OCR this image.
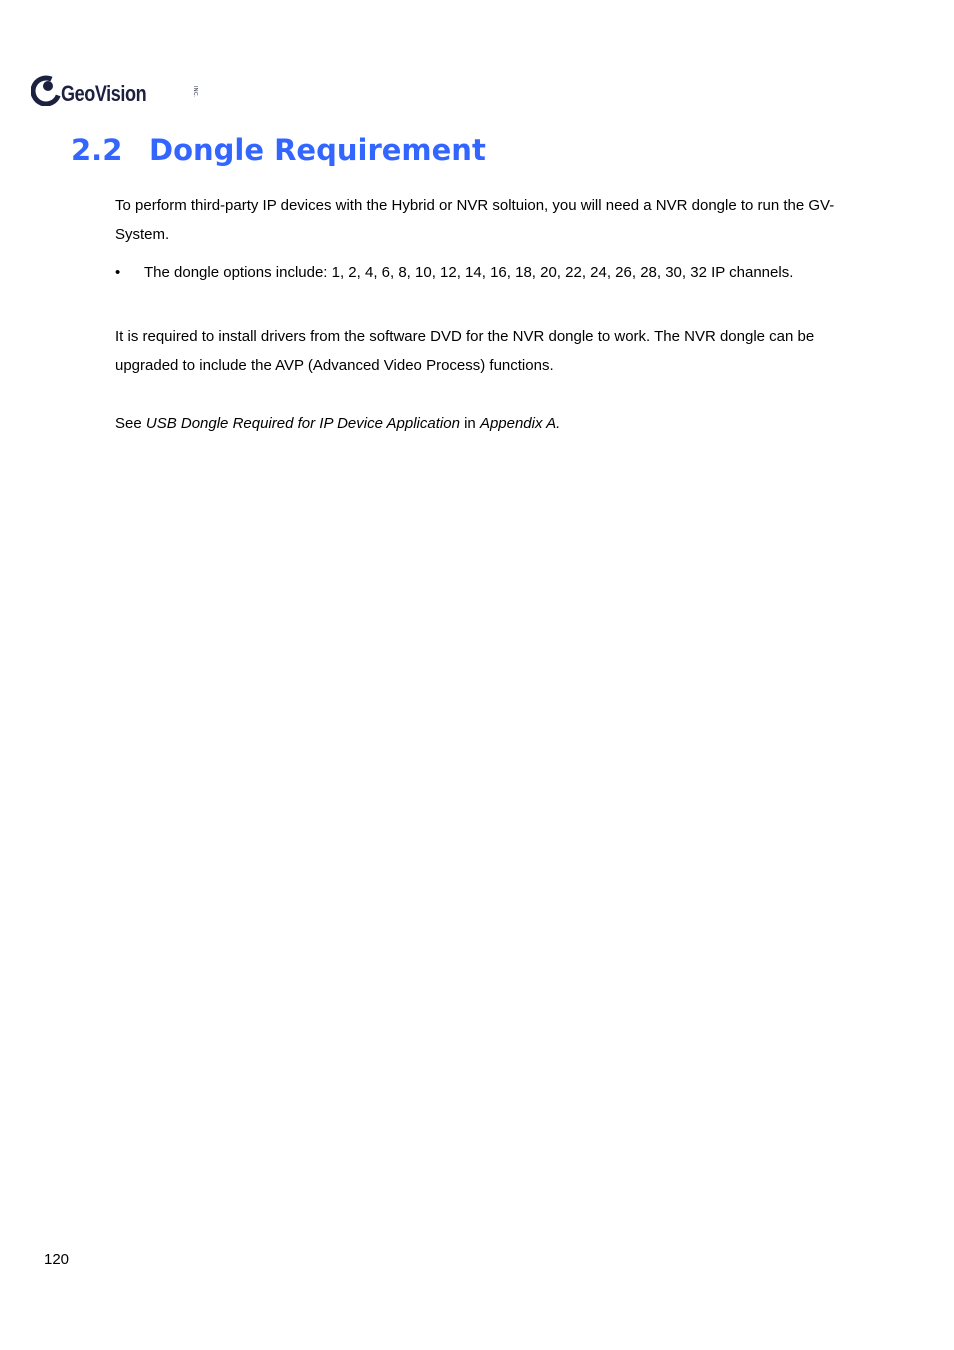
GeoVision	INC.
2.2 Dongle Requirement

To perform third-party IP devices with the Hybrid or NVR soltuion, you will need a NVR dongle to run the GV-System.

•	The dongle options include: 1, 2, 4, 6, 8, 10, 12, 14, 16, 18, 20, 22, 24, 26, 28, 30, 32 IP channels.

It is required to install drivers from the software DVD for the NVR dongle to work. The NVR dongle can be upgraded to include the AVP (Advanced Video Process) functions.

See USB Dongle Required for IP Device Application in Appendix A.

120
